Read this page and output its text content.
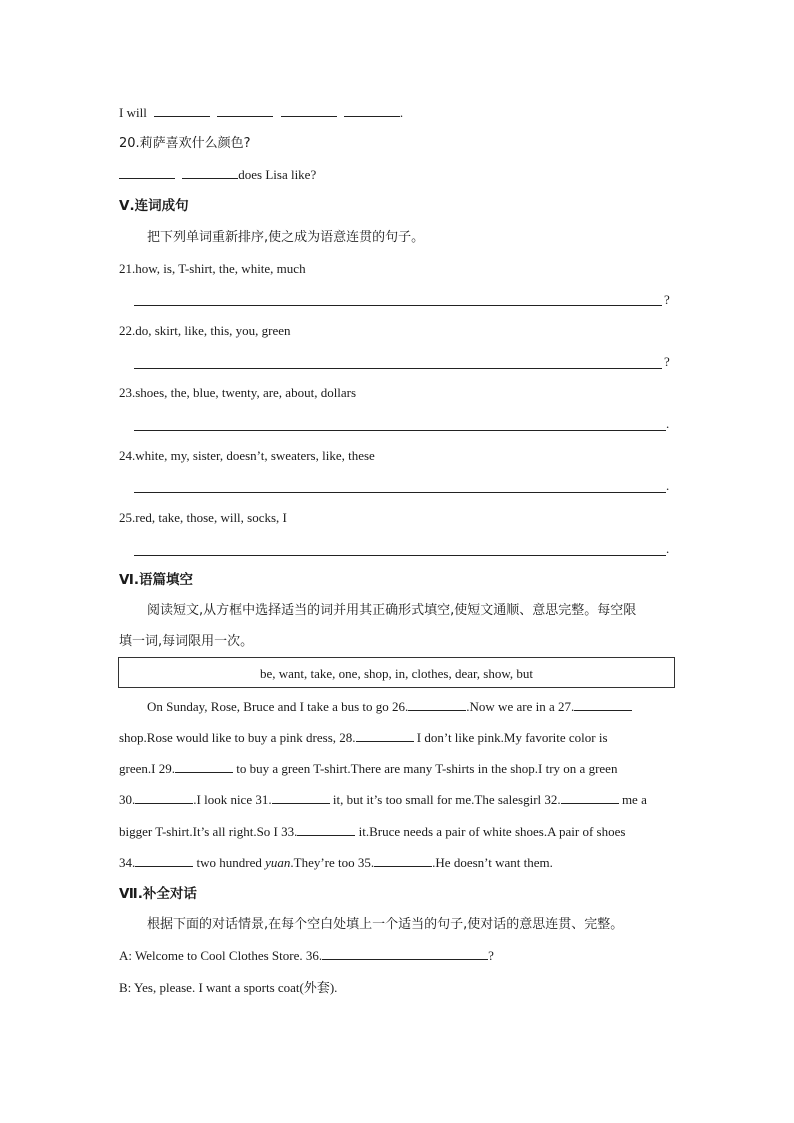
I will	.
20.莉萨喜欢什么颜色?
does Lisa like?
Ⅴ.连词成句
把下列单词重新排序,使之成为语意连贯的句子。
21.how, is, T-shirt, the, white, much
?
22.do, skirt, like, this, you, green
?
23.shoes, the, blue, twenty, are, about, dollars
.
24.white, my, sister, doesn’t, sweaters, like, these
.
25.red, take, those, will, socks, I
.
Ⅵ.语篇填空
阅读短文,从方框中选择适当的词并用其正确形式填空,使短文通顺、意思完整。每空限
填一词,每词限用一次。
be, want, take, one, shop, in, clothes, dear, show, but
On Sunday, Rose, Bruce and I take a bus to go 26.	.Now we are in a 27.
shop.Rose would like to buy a pink dress, 28.	I don’t like pink.My favorite color is
green.I 29.	to buy a green T-shirt.There are many T-shirts in the shop.I try on a green
30.	.I look nice 31.	it, but it’s too small for me.The salesgirl 32.	me a
bigger T-shirt.It’s all right.So I 33.	it.Bruce needs a pair of white shoes.A pair of shoes
34.	two hundred yuan.They’re too 35.	.He doesn’t want them.
Ⅶ.补全对话
根据下面的对话情景,在每个空白处填上一个适当的句子,使对话的意思连贯、完整。
A: Welcome to Cool Clothes Store. 36.	?
B: Yes, please. I want a sports coat(外套).
